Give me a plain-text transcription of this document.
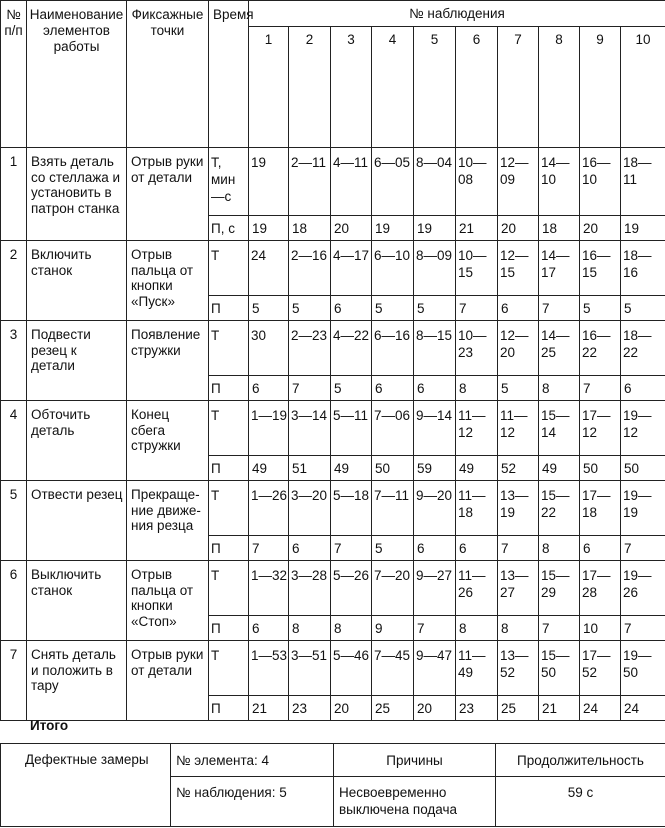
№ п/п	Наименование элементов работы	Фиксажные точки	Время	№ наблюдения									
				1	2	3	4	5	6	7	8	9	10
1	Взять деталь со стеллажа и установить в патрон станка	Отрыв руки от детали	Т, мин—с	19	2—11	4—11	6—05	8—04	10—08	12—09	14—10	16—10	18—11
			П, с	19	18	20	19	19	21	20	18	20	19
2	Включить станок	Отрыв пальца от кнопки «Пуск»	Т	24	2—16	4—17	6—10	8—09	10—15	12—15	14—17	16—15	18—16
			П	5	5	6	5	5	7	6	7	5	5
3	Подвести резец к детали	Появление стружки	Т	30	2—23	4—22	6—16	8—15	10—23	12—20	14—25	16—22	18—22
			П	6	7	5	6	6	8	5	8	7	6
4	Обточить деталь	Конец сбега стружки	Т	1—19	3—14	5—11	7—06	9—14	11—12	11—12	15—14	17—12	19—12
			П	49	51	49	50	59	49	52	49	50	50
5	Отвести резец	Прекраще-ние движе-ния резца	Т	1—26	3—20	5—18	7—11	9—20	11—18	13—19	15—22	17—18	19—19
			П	7	6	7	5	6	6	7	8	6	7
6	Выключить станок	Отрыв пальца от кнопки «Стоп»	Т	1—32	3—28	5—26	7—20	9—27	11—26	13—27	15—29	17—28	19—26
			П	6	8	8	9	7	8	8	7	10	7
7	Снять деталь и положить в тару	Отрыв руки от детали	Т	1—53	3—51	5—46	7—45	9—47	11—49	13—52	15—50	17—52	19—50
			П	21	23	20	25	20	23	25	21	24	24
Итого
Дефектные замеры	№ элемента: 4	Причины	Продолжительность
	№ наблюдения: 5	Несвоевременно выключена подача	59 с
